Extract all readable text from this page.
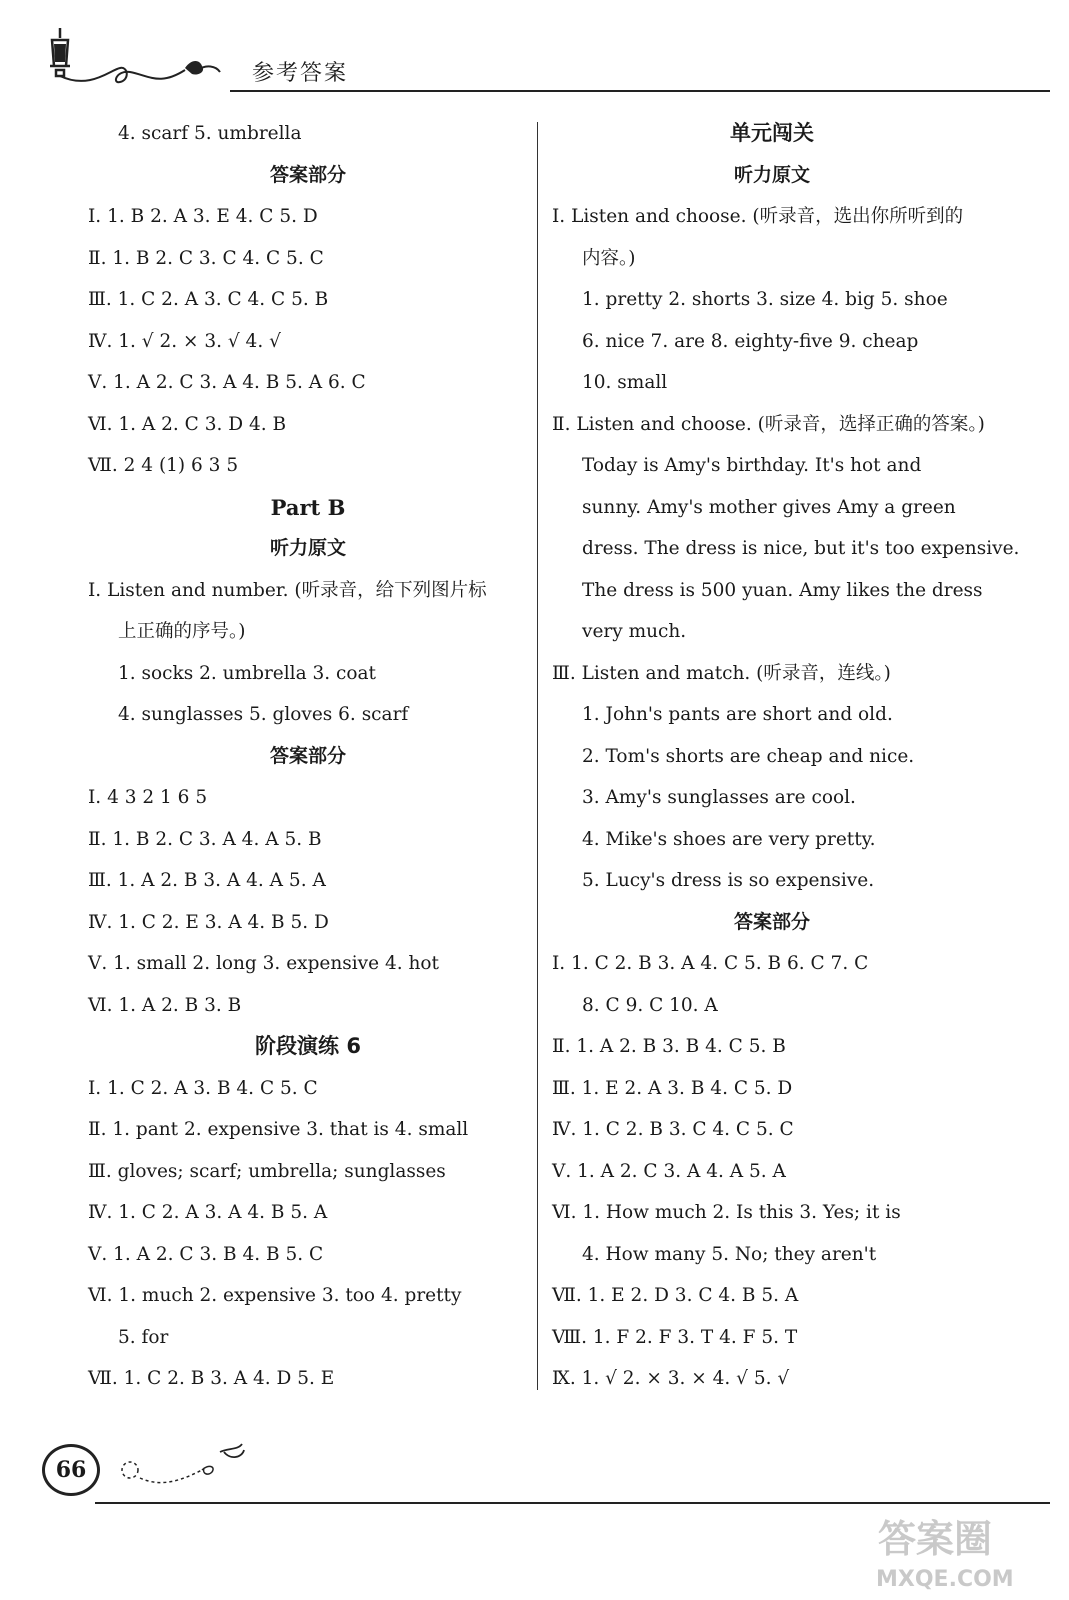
参考答案
4. scarf 5. umbrella
答案部分
Ⅰ. 1. B 2. A 3. E 4. C 5. D
Ⅱ. 1. B 2. C 3. C 4. C 5. C
Ⅲ. 1. C 2. A 3. C 4. C 5. B
Ⅳ. 1. √ 2. × 3. √ 4. √
Ⅴ. 1. A 2. C 3. A 4. B 5. A 6. C
Ⅵ. 1. A 2. C 3. D 4. B
Ⅶ. 2 4 (1) 6 3 5
Part B
听力原文
Ⅰ. Listen and number. (听录音，给下列图片标
上正确的序号。)
1. socks 2. umbrella 3. coat
4. sunglasses 5. gloves 6. scarf
答案部分
Ⅰ. 4 3 2 1 6 5
Ⅱ. 1. B 2. C 3. A 4. A 5. B
Ⅲ. 1. A 2. B 3. A 4. A 5. A
Ⅳ. 1. C 2. E 3. A 4. B 5. D
Ⅴ. 1. small 2. long 3. expensive 4. hot
Ⅵ. 1. A 2. B 3. B
阶段演练 6
Ⅰ. 1. C 2. A 3. B 4. C 5. C
Ⅱ. 1. pant 2. expensive 3. that is 4. small
Ⅲ. gloves; scarf; umbrella; sunglasses
Ⅳ. 1. C 2. A 3. A 4. B 5. A
Ⅴ. 1. A 2. C 3. B 4. B 5. C
Ⅵ. 1. much 2. expensive 3. too 4. pretty
5. for
Ⅶ. 1. C 2. B 3. A 4. D 5. E
单元闯关
听力原文
Ⅰ. Listen and choose. (听录音，选出你所听到的
内容。)
1. pretty 2. shorts 3. size 4. big 5. shoe
6. nice 7. are 8. eighty-five 9. cheap
10. small
Ⅱ. Listen and choose. (听录音，选择正确的答案。)
Today is Amy's birthday. It's hot and
sunny. Amy's mother gives Amy a green
dress. The dress is nice, but it's too expensive.
The dress is 500 yuan. Amy likes the dress
very much.
Ⅲ. Listen and match. (听录音，连线。)
1. John's pants are short and old.
2. Tom's shorts are cheap and nice.
3. Amy's sunglasses are cool.
4. Mike's shoes are very pretty.
5. Lucy's dress is so expensive.
答案部分
Ⅰ. 1. C 2. B 3. A 4. C 5. B 6. C 7. C
8. C 9. C 10. A
Ⅱ. 1. A 2. B 3. B 4. C 5. B
Ⅲ. 1. E 2. A 3. B 4. C 5. D
Ⅳ. 1. C 2. B 3. C 4. C 5. C
Ⅴ. 1. A 2. C 3. A 4. A 5. A
Ⅵ. 1. How much 2. Is this 3. Yes; it is
4. How many 5. No; they aren't
Ⅶ. 1. E 2. D 3. C 4. B 5. A
Ⅷ. 1. F 2. F 3. T 4. F 5. T
Ⅸ. 1. √ 2. × 3. × 4. √ 5. √
66
答案圈
MXQE.COM
